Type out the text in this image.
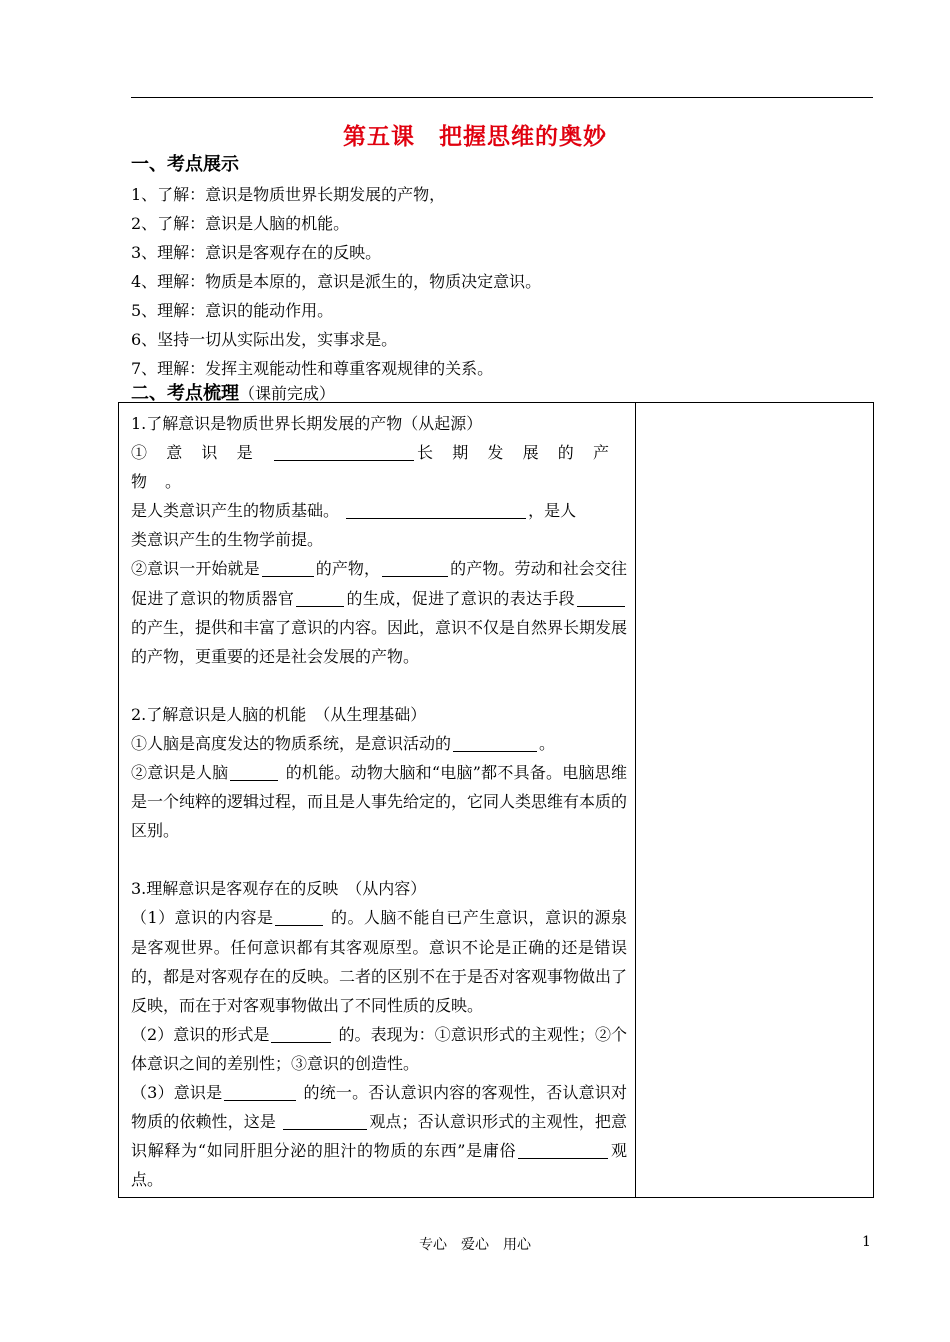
第五课　把握思维的奥妙
一、考点展示
1、了解：意识是物质世界长期发展的产物，
2、了解：意识是人脑的机能。
3、理解：意识是客观存在的反映。
4、理解：物质是本原的，意识是派生的，物质决定意识。
5、理解：意识的能动作用。
6、坚持一切从实际出发，实事求是。
7、理解：发挥主观能动性和尊重客观规律的关系。
二、考点梳理（课前完成）

1.了解意识是物质世界长期发展的产物（从起源）

①意识是	长期发展的产物。
是人类意识产生的物质基础。	，是人
类意识产生的生物学前提。

②意识一开始就是	的产物，	的产物。劳动和社会交往促进了意识的物质器官	的生成，促进了意识的表达手段的产生，提供和丰富了意识的内容。因此，意识不仅是自然界长期发展的产物，更重要的还是社会发展的产物。

2.了解意识是人脑的机能　（从生理基础）

①人脑是高度发达的物质系统，是意识活动的	。

②意识是人脑	的机能。动物大脑和“电脑”都不具备。电脑思维是一个纯粹的逻辑过程，而且是人事先给定的，它同人类思维有本质的区别。

3.理解意识是客观存在的反映　（从内容）

（1）意识的内容是	的。人脑不能自已产生意识，意识的源泉是客观世界。任何意识都有其客观原型。意识不论是正确的还是错误的，都是对客观存在的反映。二者的区别不在于是否对客观事物做出了反映，而在于对客观事物做出了不同性质的反映。

（2）意识的形式是	的。表现为：①意识形式的主观性；②个体意识之间的差别性；③意识的创造性。

（3）意识是	的统一。否认意识内容的客观性，否认意识对物质的依赖性，这是	观点；否认意识形式的主观性，把意识解释为“如同肝胆分泌的胆汁的物质的东西”是庸俗	观点。

专心　爱心　用心	1
